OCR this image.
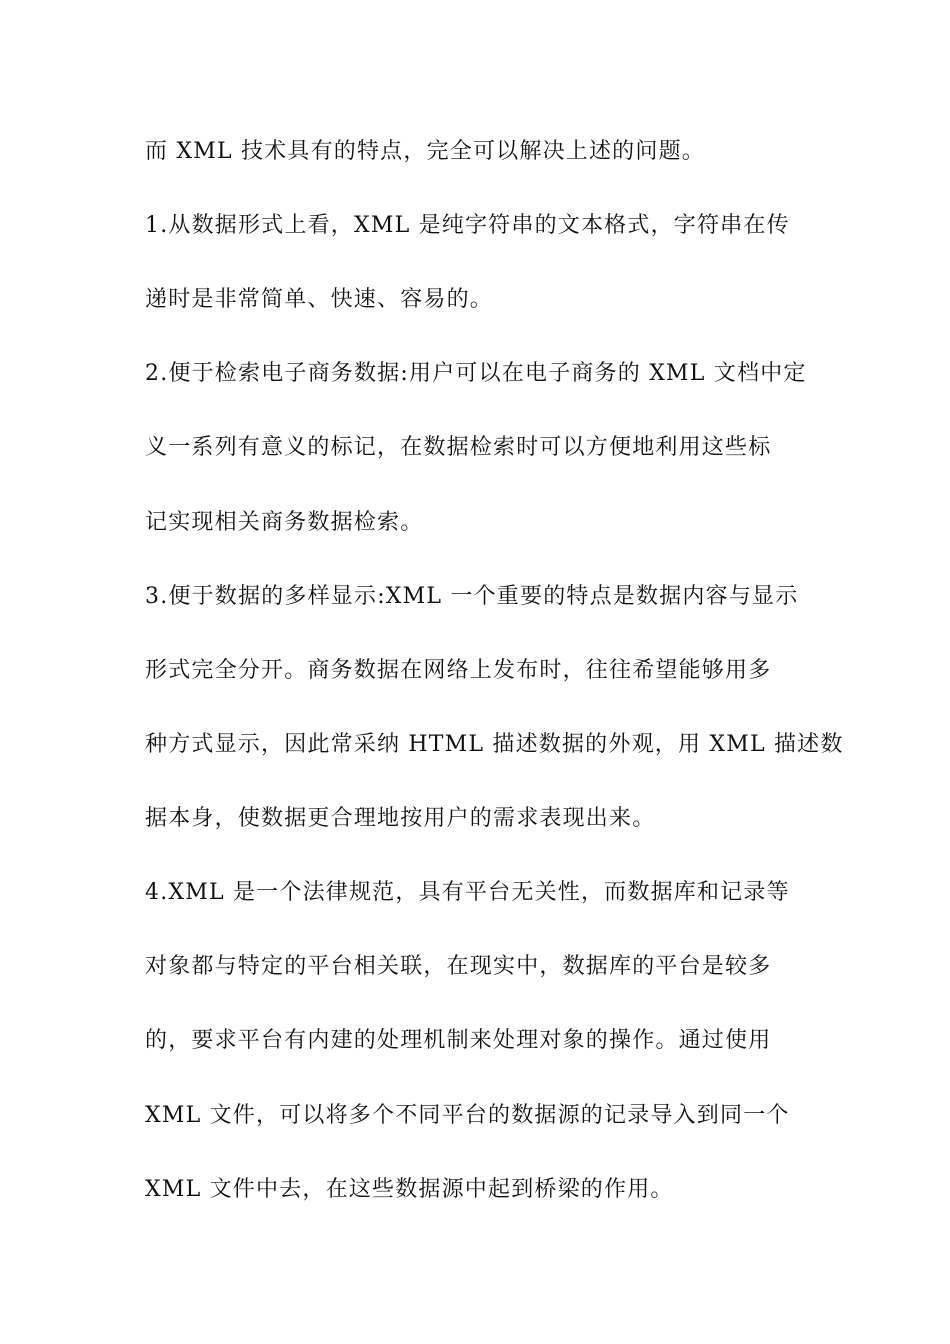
而 XML 技术具有的特点，完全可以解决上述的问题。
1.从数据形式上看，XML 是纯字符串的文本格式，字符串在传
递时是非常简单、快速、容易的。
2.便于检索电子商务数据:用户可以在电子商务的 XML 文档中定
义一系列有意义的标记，在数据检索时可以方便地利用这些标
记实现相关商务数据检索。
3.便于数据的多样显示:XML 一个重要的特点是数据内容与显示
形式完全分开。商务数据在网络上发布时，往往希望能够用多
种方式显示，因此常采纳 HTML 描述数据的外观，用 XML 描述数
据本身，使数据更合理地按用户的需求表现出来。
4.XML 是一个法律规范，具有平台无关性，而数据库和记录等
对象都与特定的平台相关联，在现实中，数据库的平台是较多
的，要求平台有内建的处理机制来处理对象的操作。通过使用
XML 文件，可以将多个不同平台的数据源的记录导入到同一个
XML 文件中去，在这些数据源中起到桥梁的作用。
